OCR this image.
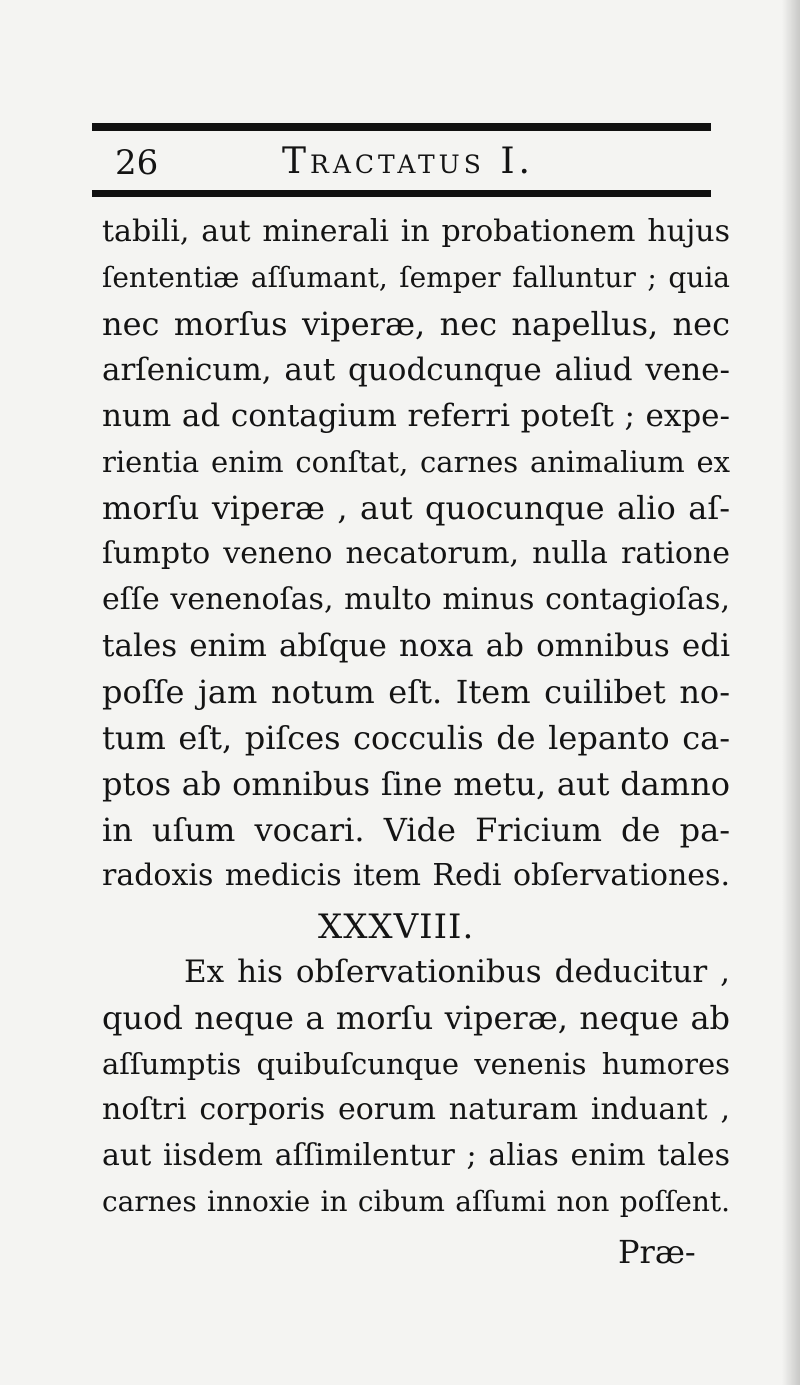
26	Tractatus I.
tabili, aut minerali in probationem hujus
ſententiæ aſſumant, ſemper falluntur ; quia
nec morſus viperæ, nec napellus, nec
arſenicum, aut quodcunque aliud vene-
num ad contagium referri poteſt ; expe-
rientia enim conſtat, carnes animalium ex
morſu viperæ , aut quocunque alio aſ-
ſumpto veneno necatorum, nulla ratione
eſſe venenoſas, multo minus contagioſas,
tales enim abſque noxa ab omnibus edi
poſſe jam notum eſt. Item cuilibet no-
tum eſt, piſces cocculis de lepanto ca-
ptos ab omnibus ſine metu, aut damno
in uſum vocari. Vide Fricium de pa-
radoxis medicis item Redi obſervationes.
XXXVIII.
Ex his obſervationibus deducitur ,
quod neque a morſu viperæ, neque ab
aſſumptis quibuſcunque venenis humores
noſtri corporis eorum naturam induant ,
aut iisdem aſſimilentur ; alias enim tales
carnes innoxie in cibum aſſumi non poſſent.
Præ-
